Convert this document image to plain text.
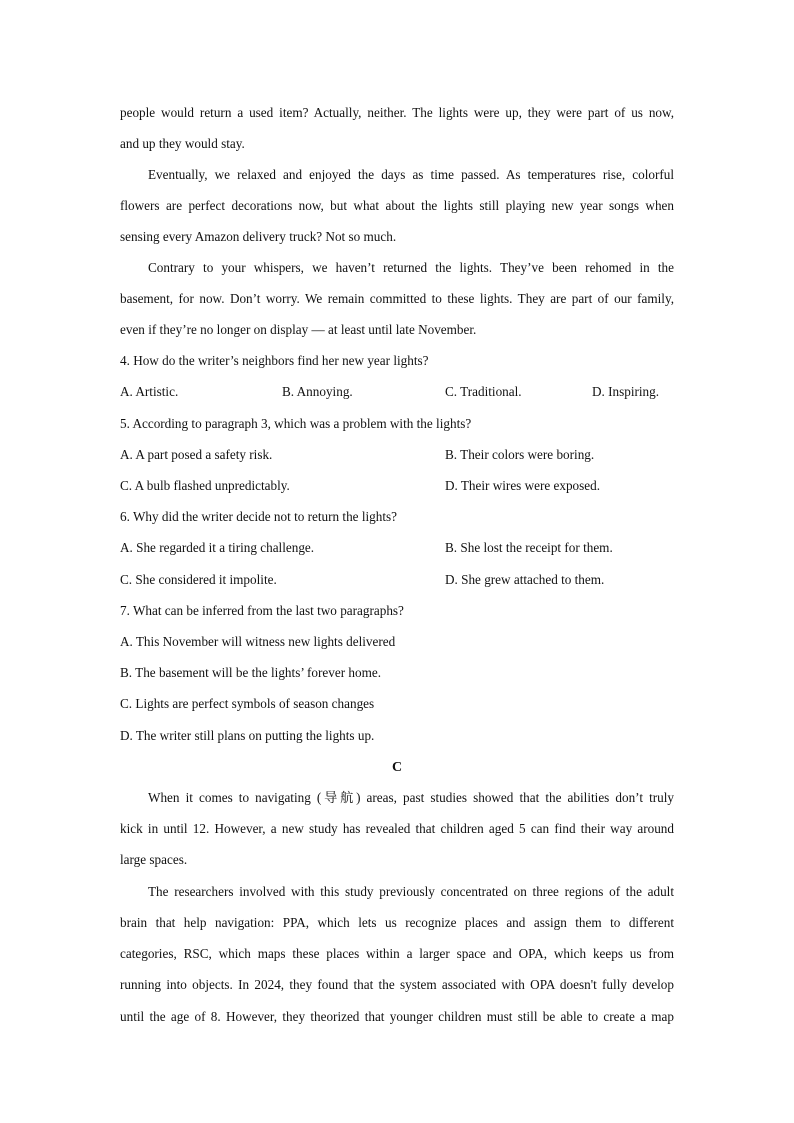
people would return a used item? Actually, neither. The lights were up, they were part of us now,
and up they would stay.
Eventually, we relaxed and enjoyed the days as time passed. As temperatures rise, colorful
flowers are perfect decorations now, but what about the lights still playing new year songs when
sensing every Amazon delivery truck? Not so much.
Contrary to your whispers, we haven’t returned the lights. They’ve been rehomed in the
basement, for now. Don’t worry. We remain committed to these lights. They are part of our family,
even if they’re no longer on display — at least until late November.
4. How do the writer’s neighbors find her new year lights?
A. Artistic.	B. Annoying.	C. Traditional.	D. Inspiring.
5. According to paragraph 3, which was a problem with the lights?
A. A part posed a safety risk.	B. Their colors were boring.
C. A bulb flashed unpredictably.	D. Their wires were exposed.
6. Why did the writer decide not to return the lights?
A. She regarded it a tiring challenge.	B. She lost the receipt for them.
C. She considered it impolite.	D. She grew attached to them.
7. What can be inferred from the last two paragraphs?
A. This November will witness new lights delivered
B. The basement will be the lights’ forever home.
C. Lights are perfect symbols of season changes
D. The writer still plans on putting the lights up.
C
When it comes to navigating (导航) areas, past studies showed that the abilities don’t truly
kick in until 12. However, a new study has revealed that children aged 5 can find their way around
large spaces.
The researchers involved with this study previously concentrated on three regions of the adult
brain that help navigation: PPA, which lets us recognize places and assign them to different
categories, RSC, which maps these places within a larger space and OPA, which keeps us from
running into objects. In 2024, they found that the system associated with OPA doesn't fully develop
until the age of 8. However, they theorized that younger children must still be able to create a map
